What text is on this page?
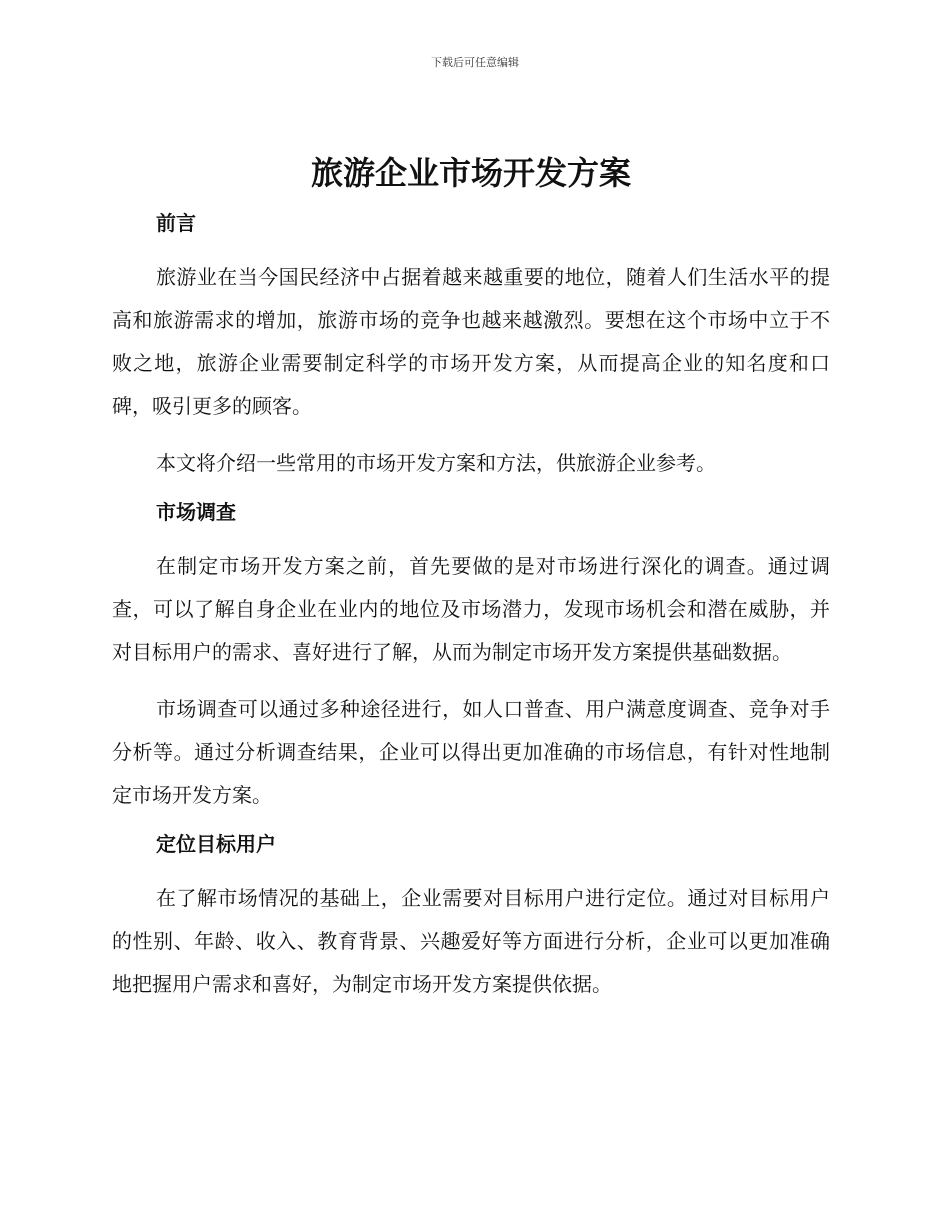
下载后可任意编辑
旅游企业市场开发方案
前言

旅游业在当今国民经济中占据着越来越重要的地位，随着人们生活水平的提高和旅游需求的增加，旅游市场的竞争也越来越激烈。要想在这个市场中立于不败之地，旅游企业需要制定科学的市场开发方案，从而提高企业的知名度和口碑，吸引更多的顾客。

本文将介绍一些常用的市场开发方案和方法，供旅游企业参考。

市场调查

在制定市场开发方案之前，首先要做的是对市场进行深化的调查。通过调查，可以了解自身企业在业内的地位及市场潜力，发现市场机会和潜在威胁，并对目标用户的需求、喜好进行了解，从而为制定市场开发方案提供基础数据。

市场调查可以通过多种途径进行，如人口普查、用户满意度调查、竞争对手分析等。通过分析调查结果，企业可以得出更加准确的市场信息，有针对性地制定市场开发方案。

定位目标用户

在了解市场情况的基础上，企业需要对目标用户进行定位。通过对目标用户的性别、年龄、收入、教育背景、兴趣爱好等方面进行分析，企业可以更加准确地把握用户需求和喜好，为制定市场开发方案提供依据。
